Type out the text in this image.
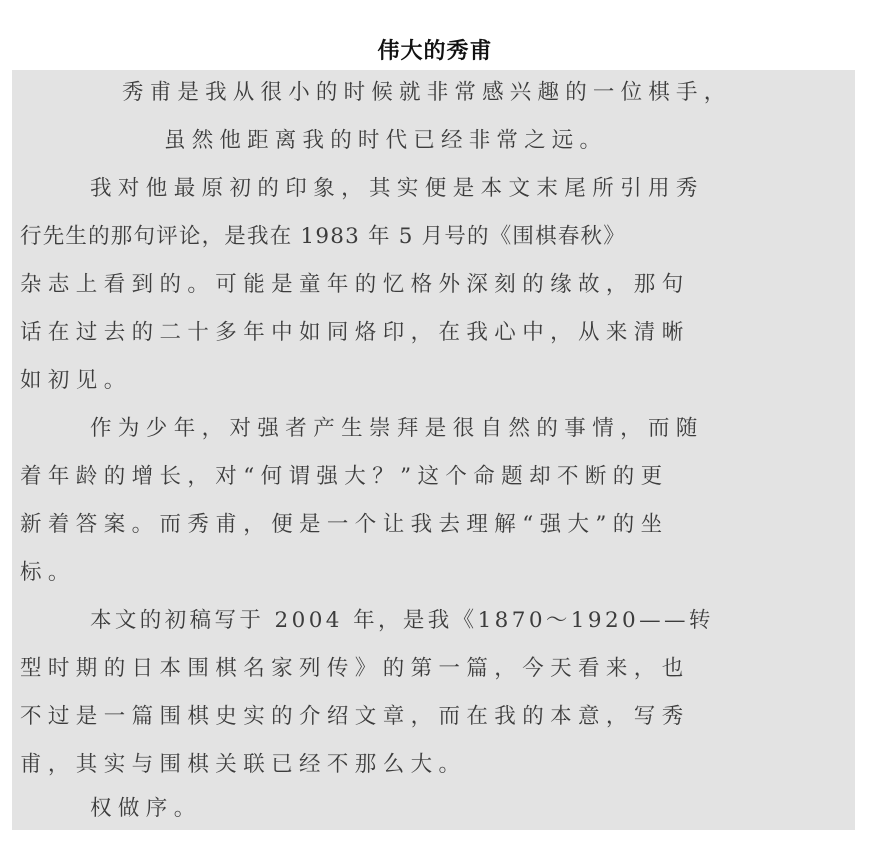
伟大的秀甫
秀甫是我从很小的时候就非常感兴趣的一位棋手，
虽然他距离我的时代已经非常之远。
我对他最原初的印象，其实便是本文末尾所引用秀
行先生的那句评论，是我在 1983 年 5 月号的《围棋春秋》
杂志上看到的。可能是童年的忆格外深刻的缘故，那句
话在过去的二十多年中如同烙印，在我心中，从来清晰
如初见。
作为少年，对强者产生崇拜是很自然的事情，而随
着年龄的增长，对“何谓强大？”这个命题却不断的更
新着答案。而秀甫，便是一个让我去理解“强大”的坐
标。
本文的初稿写于 2004 年，是我《1870～1920——转
型时期的日本围棋名家列传》的第一篇，今天看来，也
不过是一篇围棋史实的介绍文章，而在我的本意，写秀
甫，其实与围棋关联已经不那么大。
权做序。
